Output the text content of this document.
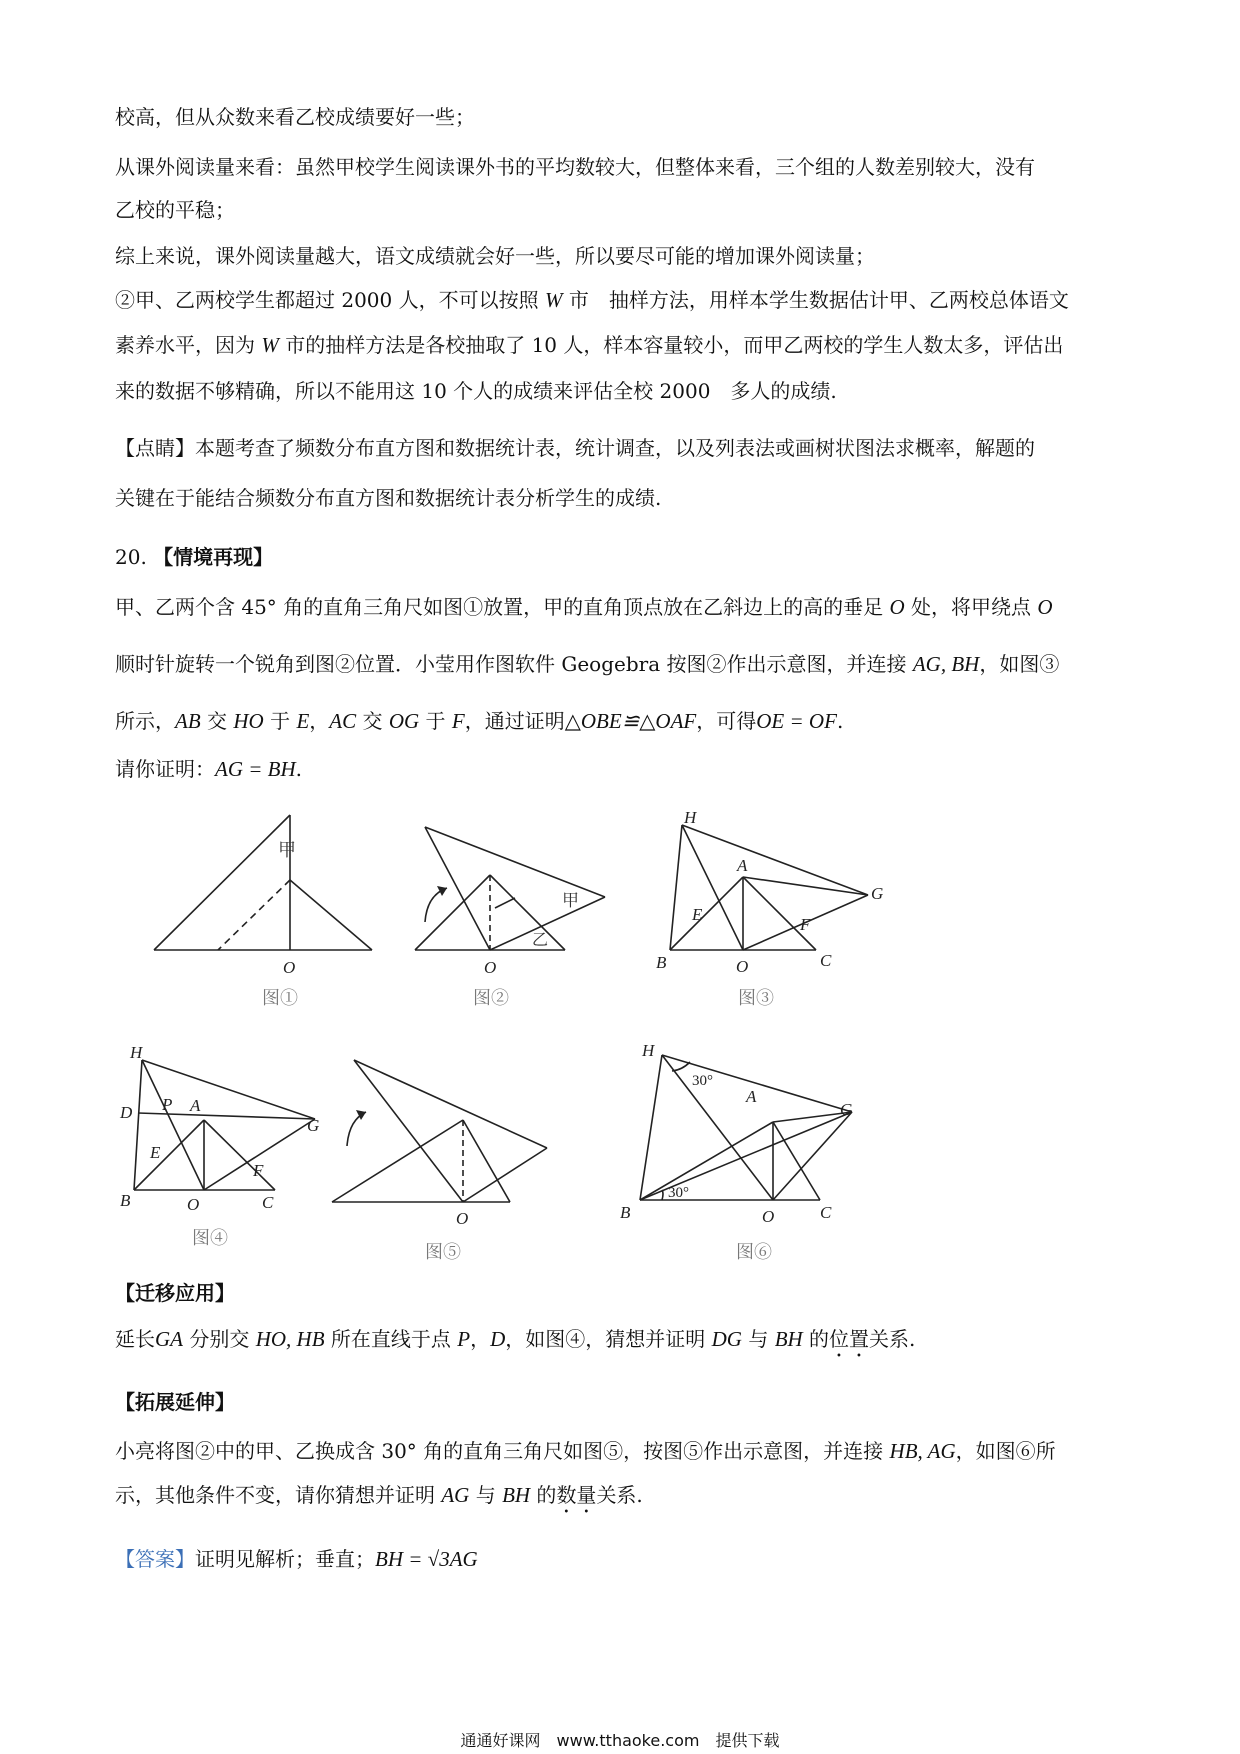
校高，但从众数来看乙校成绩要好一些；
从课外阅读量来看：虽然甲校学生阅读课外书的平均数较大，但整体来看，三个组的人数差别较大，没有
乙校的平稳；
综上来说，课外阅读量越大，语文成绩就会好一些，所以要尽可能的增加课外阅读量；
②甲、乙两校学生都超过 2000 人，不可以按照 W 市　抽样方法，用样本学生数据估计甲、乙两校总体语文
素养水平，因为 W 市的抽样方法是各校抽取了 10 人，样本容量较小，而甲乙两校的学生人数太多，评估出
来的数据不够精确，所以不能用这 10 个人的成绩来评估全校 2000　多人的成绩.
【点睛】本题考查了频数分布直方图和数据统计表，统计调查，以及列表法或画树状图法求概率，解题的
关键在于能结合频数分布直方图和数据统计表分析学生的成绩.
20. 【情境再现】
甲、乙两个含 45° 角的直角三角尺如图①放置，甲的直角顶点放在乙斜边上的高的垂足 O 处，将甲绕点 O
顺时针旋转一个锐角到图②位置．小莹用作图软件 Geogebra 按图②作出示意图，并连接 AG, BH，如图③
所示，AB 交 HO 于 E，AC 交 OG 于 F，通过证明△OBE≌△OAF，可得OE = OF.
请你证明：AG = BH.
甲
O
图①
甲
乙
O
图②
H
A
G
E
F
B	O	C
图③
H
D P A
G
E
F
B	O	C
图④
O
图⑤
H
30°
A
G
B
30°
O	C
图⑥
【迁移应用】
延长GA 分别交 HO, HB 所在直线于点 P，D，如图④，猜想并证明 DG 与 BH 的位置关系.
【拓展延伸】
小亮将图②中的甲、乙换成含 30° 角的直角三角尺如图⑤，按图⑤作出示意图，并连接 HB, AG，如图⑥所
示，其他条件不变，请你猜想并证明 AG 与 BH 的数量关系.
【答案】证明见解析；垂直；BH = √3AG
通通好课网　www.tthaoke.com　提供下载
